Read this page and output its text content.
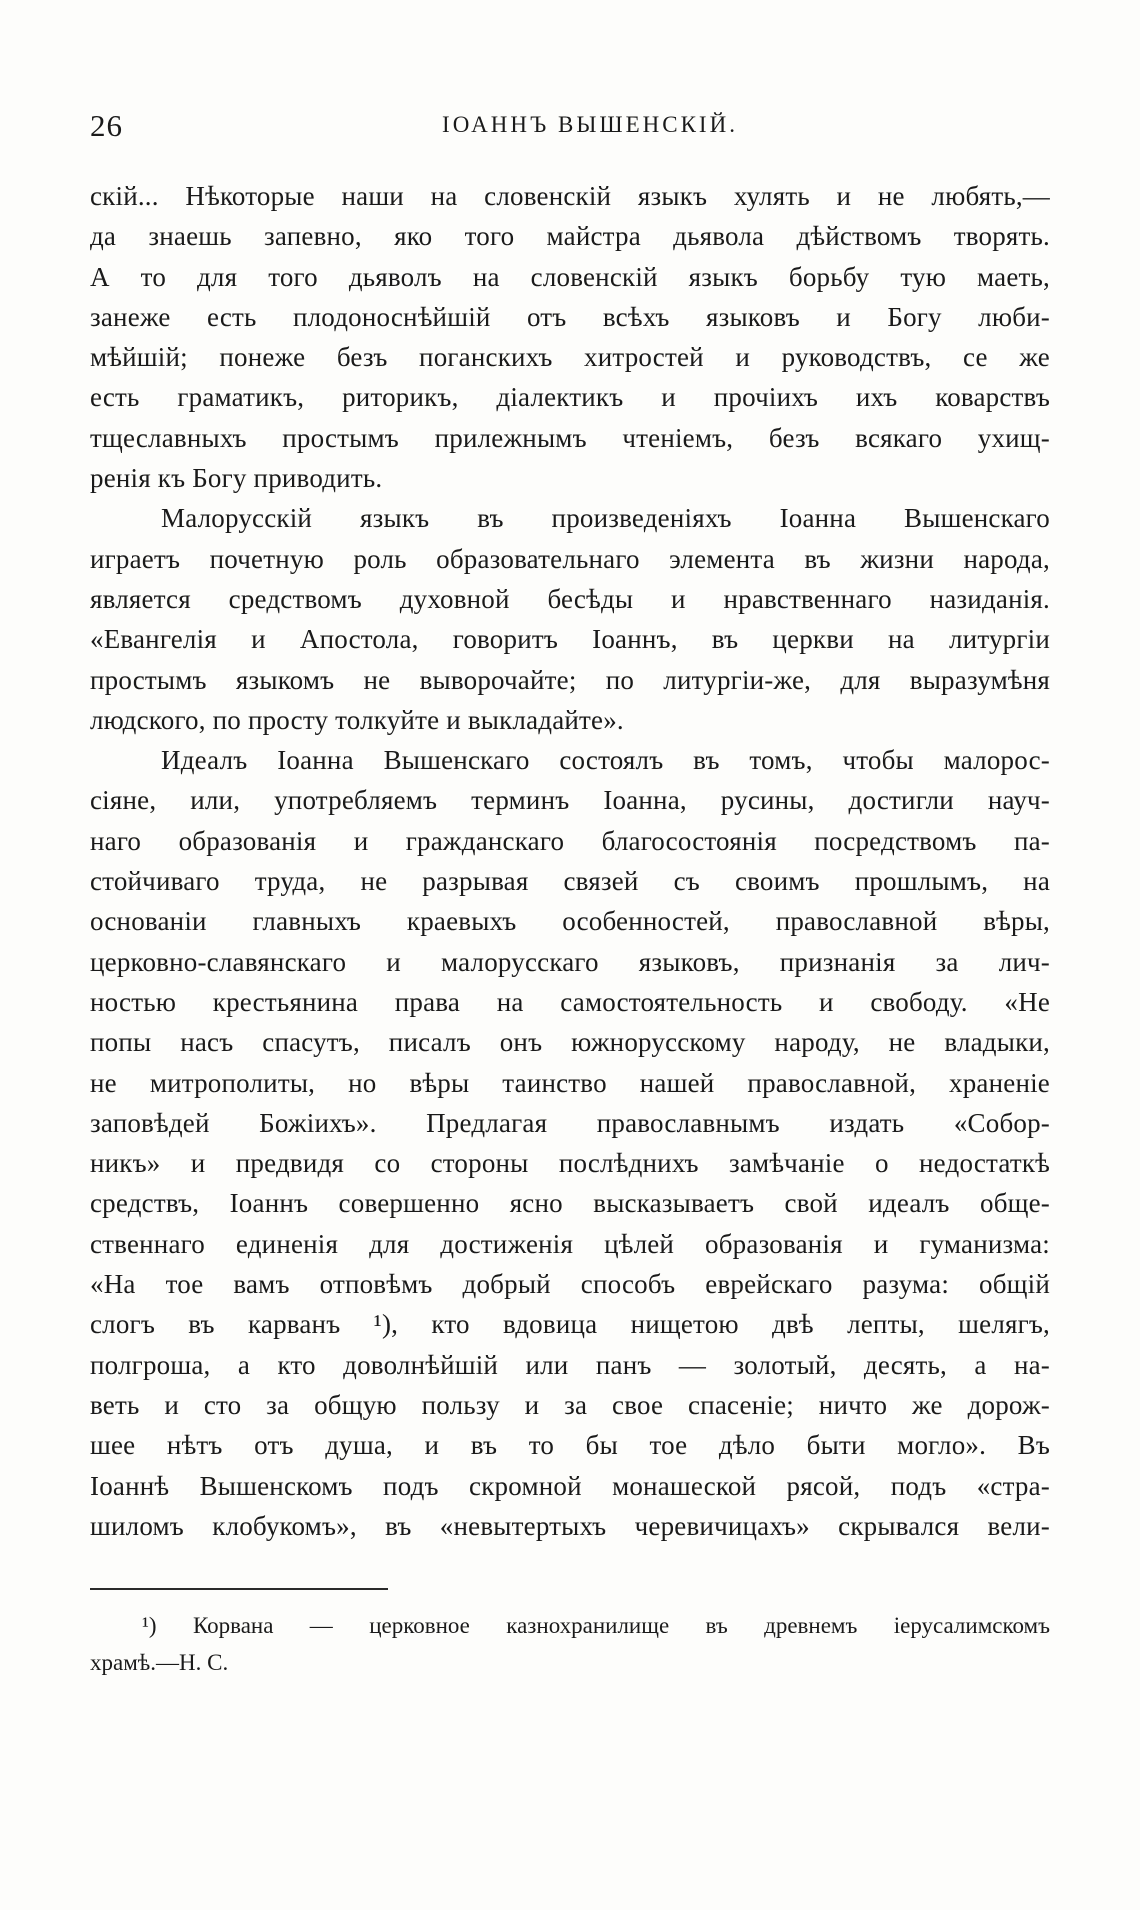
26	ІОАННЪ ВЫШЕНСКІЙ.
скій... Нѣкоторые наши на словенскій языкъ хулять и не любять,—
да знаешь запевно, яко того майстра дьявола дѣйствомъ творять.
А то для того дьяволъ на словенскій языкъ борьбу тую маеть,
занеже есть плодоноснѣйшій отъ всѣхъ языковъ и Богу люби-
мѣйшій; понеже безъ поганскихъ хитростей и руководствъ, се же
есть граматикъ, риторикъ, діалектикъ и прочіихъ ихъ коварствъ
тщеславныхъ простымъ прилежнымъ чтеніемъ, безъ всякаго ухищ-
ренія къ Богу приводить.
Малорусскій языкъ въ произведеніяхъ Іоанна Вышенскаго
играетъ почетную роль образовательнаго элемента въ жизни народа,
является средствомъ духовной бесѣды и нравственнаго назиданія.
«Евангелія и Апостола, говоритъ Іоаннъ, въ церкви на литургіи
простымъ языкомъ не выворочайте; по литургіи-же, для выразумѣня
людского, по просту толкуйте и выкладайте».
Идеалъ Іоанна Вышенскаго состоялъ въ томъ, чтобы малорос-
сіяне, или, употребляемъ терминъ Іоанна, русины, достигли науч-
наго образованія и гражданскаго благосостоянія посредствомъ па-
стойчиваго труда, не разрывая связей съ своимъ прошлымъ, на
основаніи главныхъ краевыхъ особенностей, православной вѣры,
церковно-славянскаго и малорусскаго языковъ, признанія за лич-
ностью крестьянина права на самостоятельность и свободу. «Не
попы насъ спасутъ, писалъ онъ южнорусскому народу, не владыки,
не митрополиты, но вѣры таинство нашей православной, храненіе
заповѣдей Божіихъ». Предлагая православнымъ издать «Собор-
никъ» и предвидя со стороны послѣднихъ замѣчаніе о недостаткѣ
средствъ, Іоаннъ совершенно ясно высказываетъ свой идеалъ обще-
ственнаго единенія для достиженія цѣлей образованія и гуманизма:
«На тое вамъ отповѣмъ добрый способъ еврейскаго разума: общій
слогъ въ карванъ ¹), кто вдовица нищетою двѣ лепты, шелягъ,
полгрошa, а кто доволнѣйшій или панъ — золотый, десять, а на-
веть и сто за общую пользу и за свое спасеніе; ничто же дорож-
шее нѣтъ отъ душа, и въ то бы тое дѣло быти могло». Въ
Іоаннѣ Вышенскомъ подъ скромной монашеской рясой, подъ «стра-
шиломъ клобукомъ», въ «невытертыхъ черевичицахъ» скрывался вели-
¹) Корвана — церковное казнохранилище въ древнемъ іерусалимскомъ
храмѣ.—Н. С.
